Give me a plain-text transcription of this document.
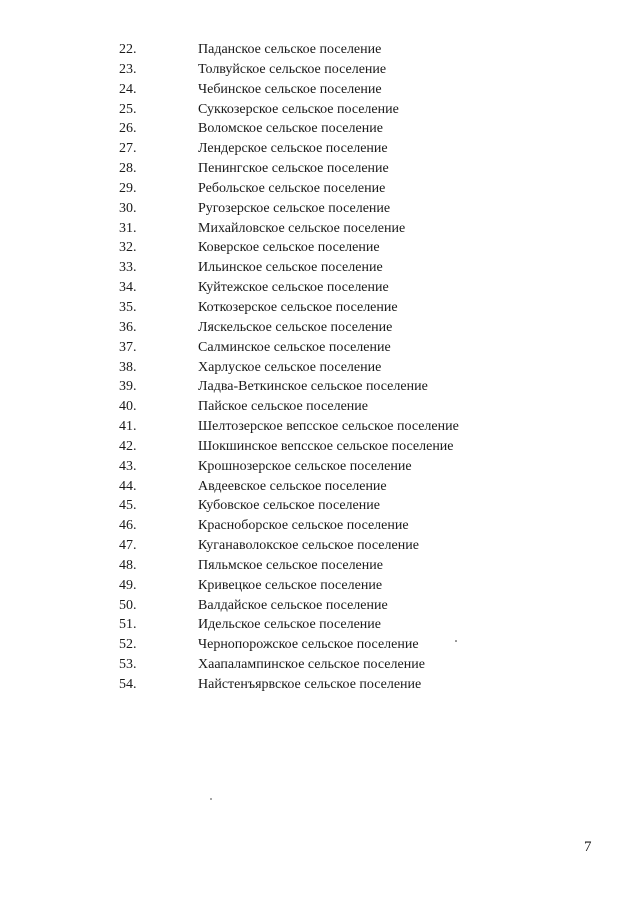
22.	Паданское сельское поселение
23.	Толвуйское сельское поселение
24.	Чебинское сельское поселение
25.	Суккозерское сельское поселение
26.	Воломское сельское поселение
27.	Лендерское сельское поселение
28.	Пенингское сельское поселение
29.	Ребольское сельское поселение
30.	Ругозерское сельское поселение
31.	Михайловское сельское поселение
32.	Коверское сельское поселение
33.	Ильинское сельское поселение
34.	Куйтежское сельское поселение
35.	Коткозерское сельское поселение
36.	Ляскельское сельское поселение
37.	Салминское сельское поселение
38.	Харлуское сельское поселение
39.	Ладва-Веткинское сельское поселение
40.	Пайское сельское поселение
41.	Шелтозерское вепсское сельское поселение
42.	Шокшинское вепсское сельское поселение
43.	Крошнозерское сельское поселение
44.	Авдеевское сельское поселение
45.	Кубовское сельское поселение
46.	Красноборское сельское поселение
47.	Куганаволокское сельское поселение
48.	Пяльмское сельское поселение
49.	Кривецкое сельское поселение
50.	Валдайское сельское поселение
51.	Идельское сельское поселение
52.	Чернопорожское сельское поселение
53.	Хаапалампинское сельское поселение
54.	Найстенъярвское сельское поселение
7
